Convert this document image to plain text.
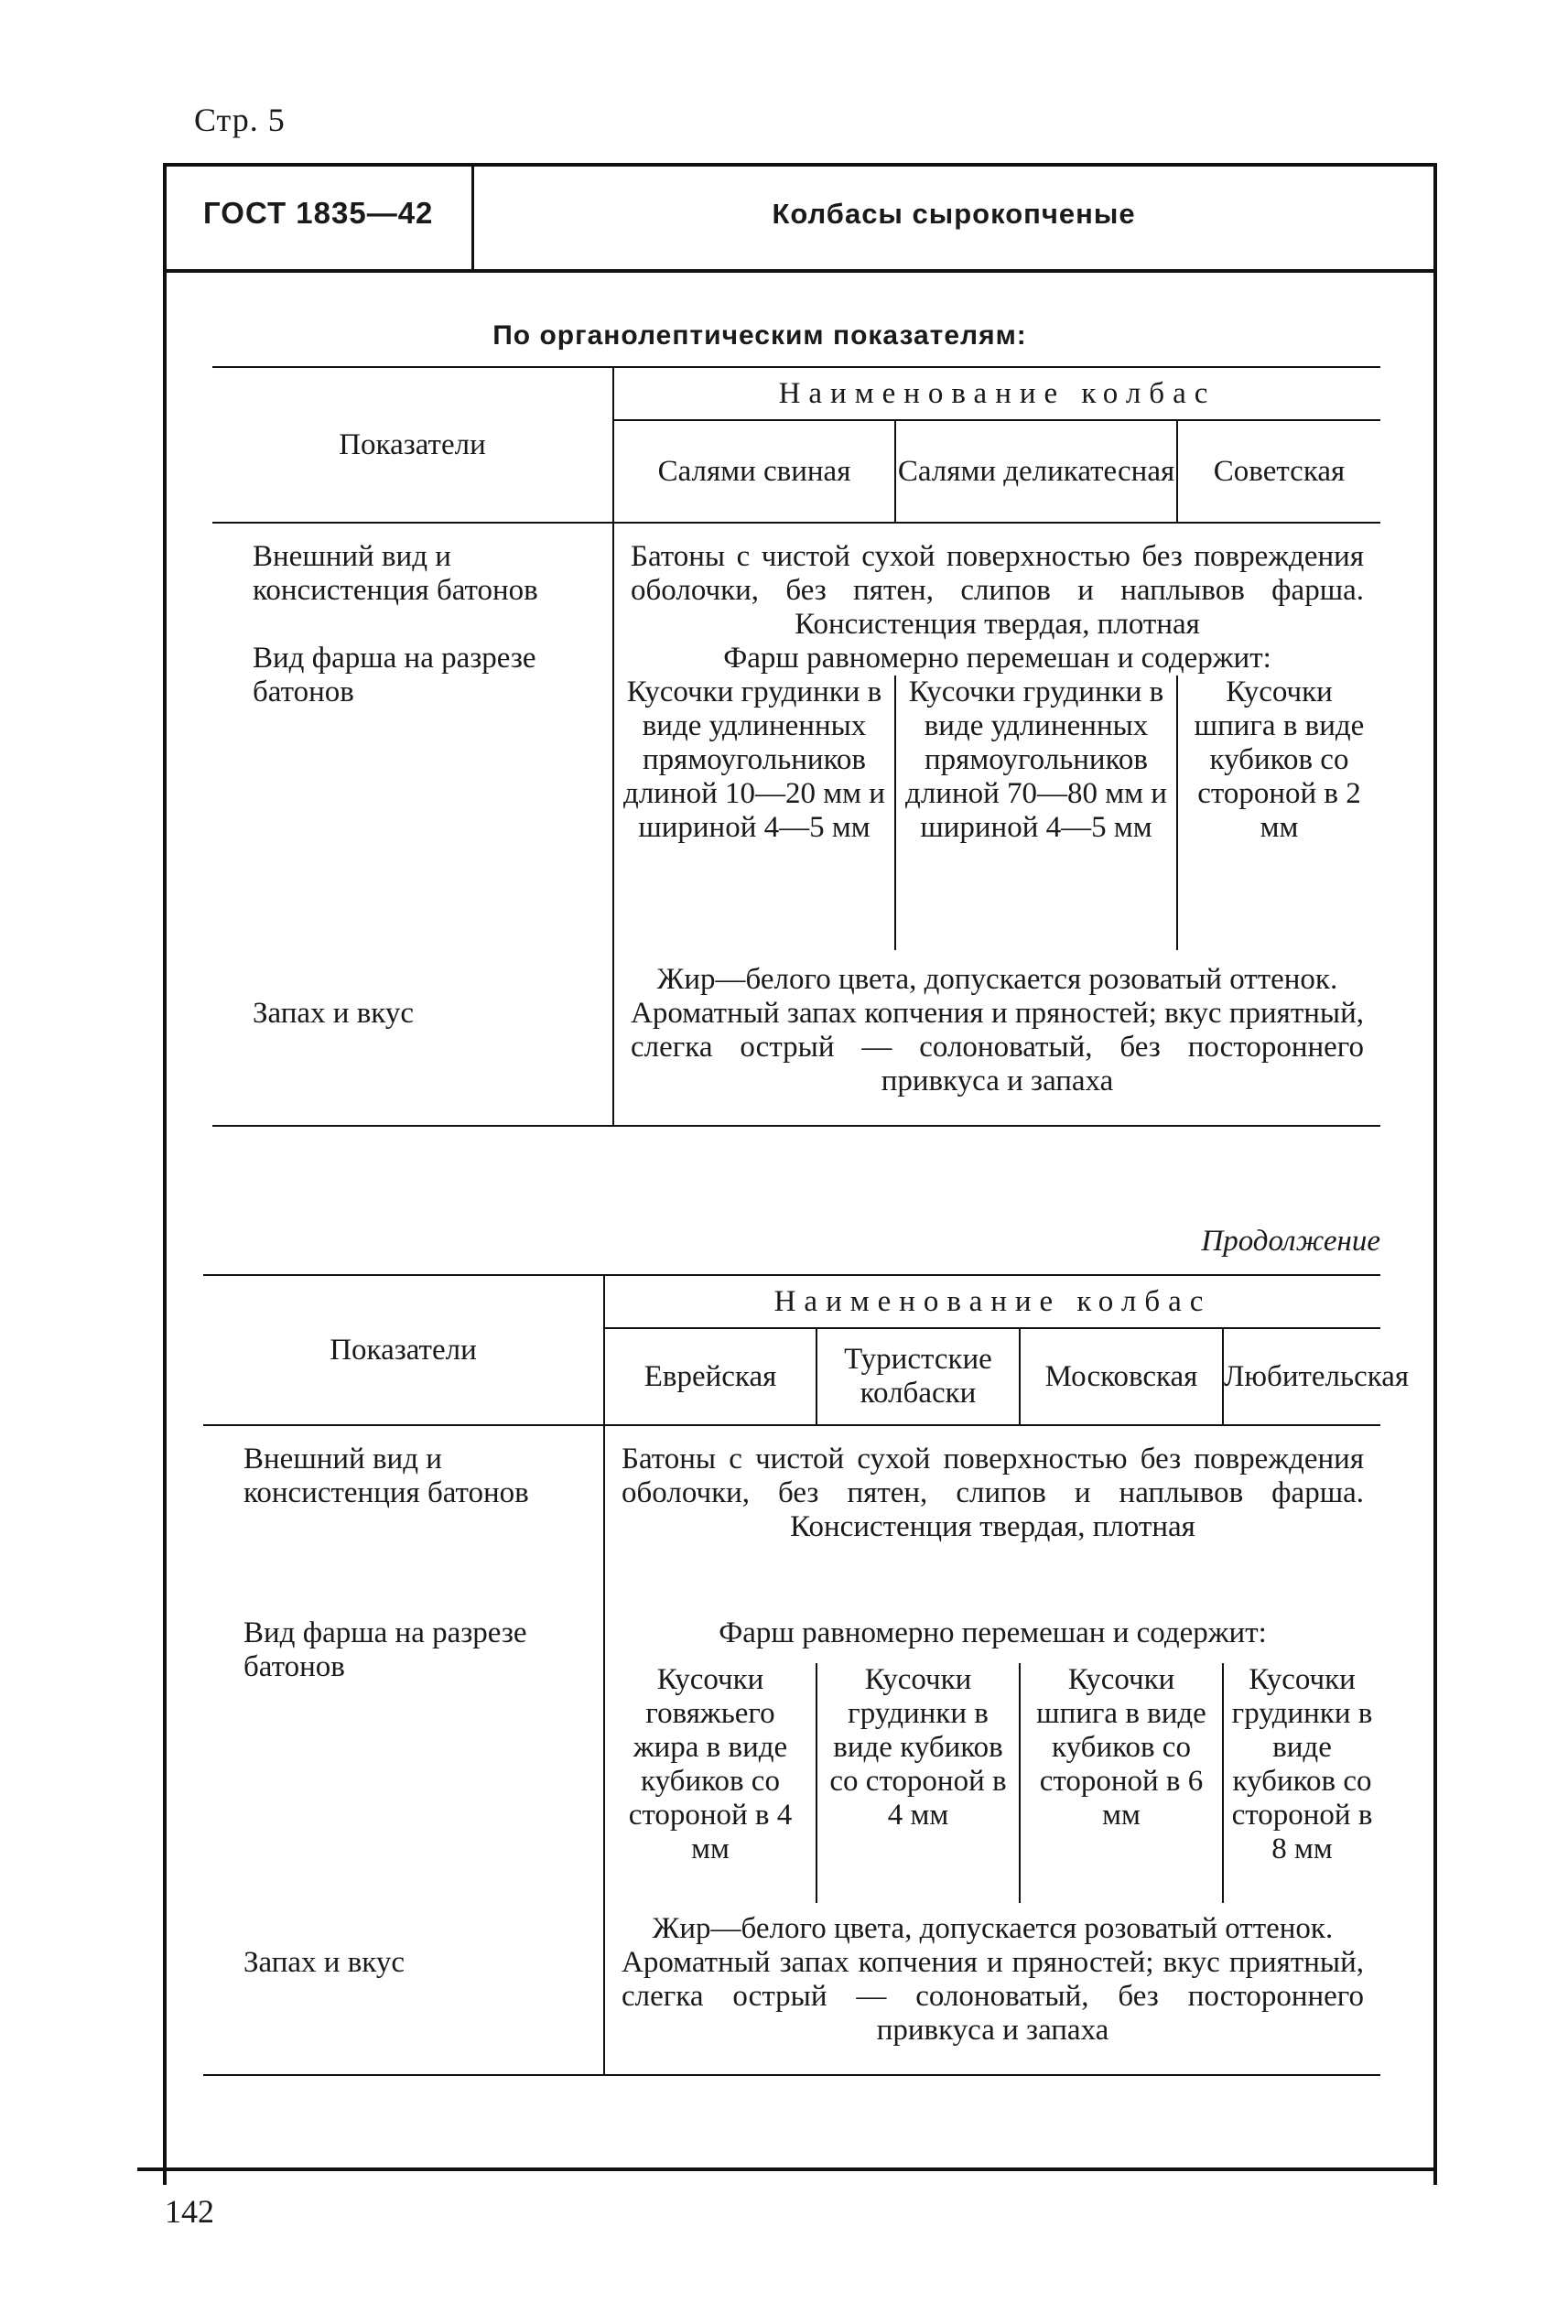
Стр. 5
ГОСТ 1835—42	Колбасы сырокопченые
По органолептическим показателям:
Показатели	Наименование колбас		
	Салями свиная	Салями деликатесная	Советская

Внешний вид и консистенция батонов	Батоны с чистой сухой поверхностью без повреждения оболочки, без пятен, слипов и наплывов фарша. Консистенция твердая, плотная		
Вид фарша на разрезе батонов	Фарш равномерно перемешан и содержит:		
	Кусочки грудинки в виде удлиненных прямоугольников длиной 10—20 мм и шириной 4—5 мм	Кусочки грудинки в виде удлиненных прямоугольников длиной 70—80 мм и шириной 4—5 мм	Кусочки шпига в виде кубиков со стороной в 2 мм
	Жир—белого цвета, допускается розоватый оттенок.		
Запах и вкус	Ароматный запах копчения и пряностей; вкус приятный, слегка острый — солоноватый, без постороннего привкуса и запаха		
Продолжение
Показатели	Наименование колбас			
	Еврейская	Туристские колбаски	Московская	Любительская

Внешний вид и консистенция батонов	Батоны с чистой сухой поверхностью без повреждения оболочки, без пятен, слипов и наплывов фарша. Консистенция твердая, плотная			
Вид фарша на разрезе батонов	Фарш равномерно перемешан и содержит:			
	Кусочки говяжьего жира в виде кубиков со стороной в 4 мм	Кусочки грудинки в виде кубиков со стороной в 4 мм	Кусочки шпига в виде кубиков со стороной в 6 мм	Кусочки грудинки в виде кубиков со стороной в 8 мм
	Жир—белого цвета, допускается розоватый оттенок.			
Запах и вкус	Ароматный запах копчения и пряностей; вкус приятный, слегка острый — солоноватый, без постороннего привкуса и запаха			
142
